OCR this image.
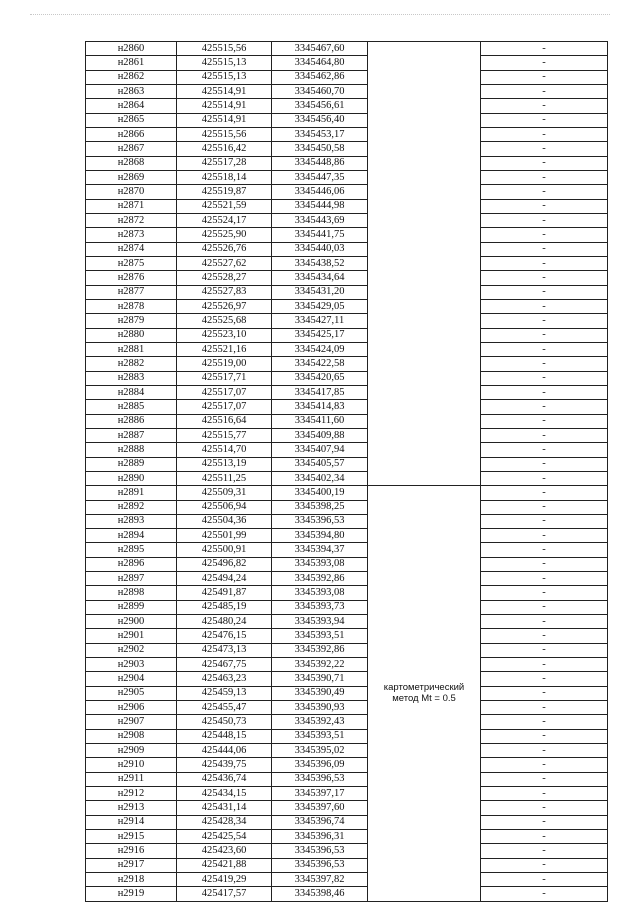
н2860	425515,56	3345467,60		-
н2861	425515,13	3345464,80		-
н2862	425515,13	3345462,86		-
н2863	425514,91	3345460,70		-
н2864	425514,91	3345456,61		-
н2865	425514,91	3345456,40		-
н2866	425515,56	3345453,17		-
н2867	425516,42	3345450,58		-
н2868	425517,28	3345448,86		-
н2869	425518,14	3345447,35		-
н2870	425519,87	3345446,06		-
н2871	425521,59	3345444,98		-
н2872	425524,17	3345443,69		-
н2873	425525,90	3345441,75		-
н2874	425526,76	3345440,03		-
н2875	425527,62	3345438,52		-
н2876	425528,27	3345434,64		-
н2877	425527,83	3345431,20		-
н2878	425526,97	3345429,05		-
н2879	425525,68	3345427,11		-
н2880	425523,10	3345425,17		-
н2881	425521,16	3345424,09		-
н2882	425519,00	3345422,58		-
н2883	425517,71	3345420,65		-
н2884	425517,07	3345417,85		-
н2885	425517,07	3345414,83		-
н2886	425516,64	3345411,60		-
н2887	425515,77	3345409,88		-
н2888	425514,70	3345407,94		-
н2889	425513,19	3345405,57		-
н2890	425511,25	3345402,34		-
н2891	425509,31	3345400,19	картометрический
метод Mt = 0.5	-
н2892	425506,94	3345398,25		-
н2893	425504,36	3345396,53		-
н2894	425501,99	3345394,80		-
н2895	425500,91	3345394,37		-
н2896	425496,82	3345393,08		-
н2897	425494,24	3345392,86		-
н2898	425491,87	3345393,08		-
н2899	425485,19	3345393,73		-
н2900	425480,24	3345393,94		-
н2901	425476,15	3345393,51		-
н2902	425473,13	3345392,86		-
н2903	425467,75	3345392,22		-
н2904	425463,23	3345390,71		-
н2905	425459,13	3345390,49		-
н2906	425455,47	3345390,93		-
н2907	425450,73	3345392,43		-
н2908	425448,15	3345393,51		-
н2909	425444,06	3345395,02		-
н2910	425439,75	3345396,09		-
н2911	425436,74	3345396,53		-
н2912	425434,15	3345397,17		-
н2913	425431,14	3345397,60		-
н2914	425428,34	3345396,74		-
н2915	425425,54	3345396,31		-
н2916	425423,60	3345396,53		-
н2917	425421,88	3345396,53		-
н2918	425419,29	3345397,82		-
н2919	425417,57	3345398,46		-
